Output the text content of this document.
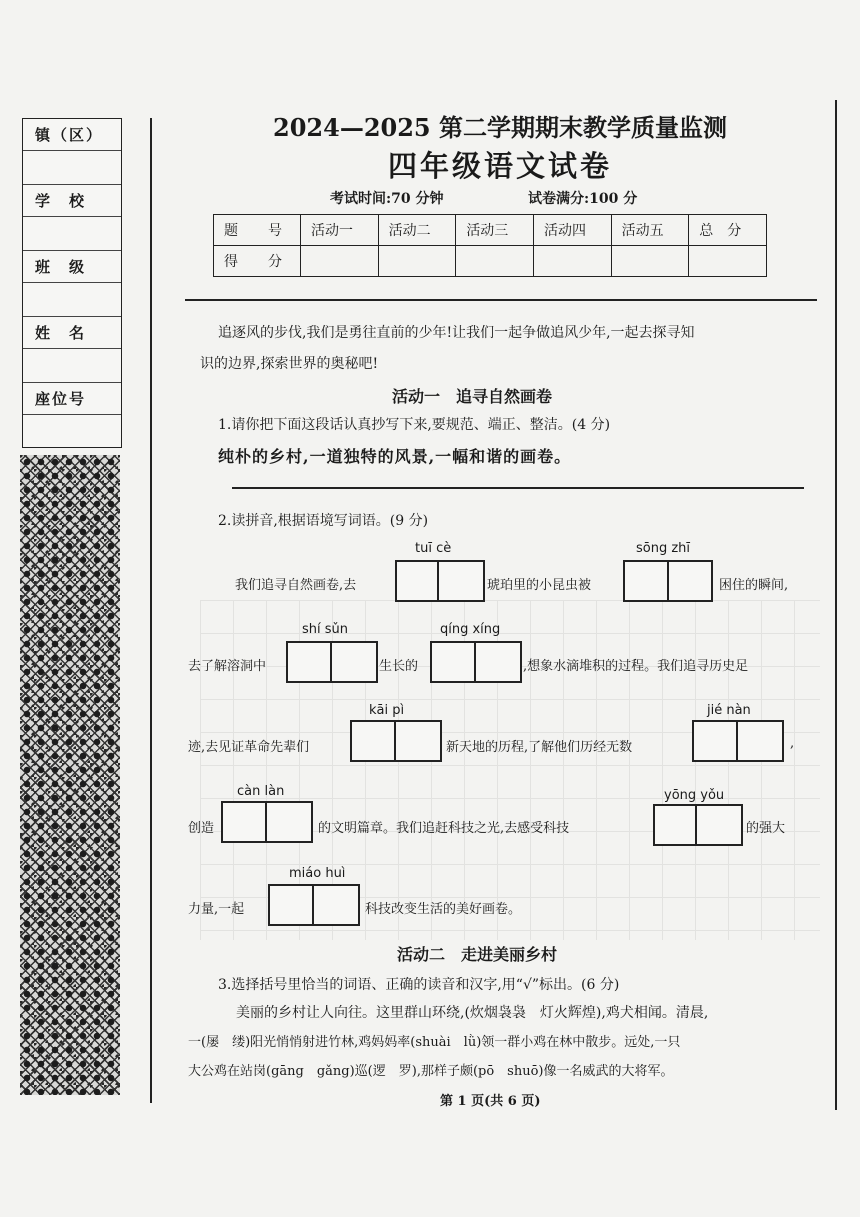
镇（区）
学　校
班　级
姓　名
座位号
2024—2025 第二学期期末教学质量监测
四年级语文试卷
考试时间:70 分钟	试卷满分:100 分
题　号	活动一	活动二	活动三	活动四	活动五	总　分
得　分						
追逐风的步伐,我们是勇往直前的少年!让我们一起争做追风少年,一起去探寻知
识的边界,探索世界的奥秘吧!
活动一　追寻自然画卷
1.请你把下面这段话认真抄写下来,要规范、端正、整洁。(4 分)
纯朴的乡村,一道独特的风景,一幅和谐的画卷。
2.读拼音,根据语境写词语。(9 分)
tuī cè	sōng zhī
我们追寻自然画卷,去	琥珀里的小昆虫被	困住的瞬间,
shí sǔn	qíng xíng
去了解溶洞中	生长的	,想象水滴堆积的过程。我们追寻历史足
kāi pì	jié nàn
迹,去见证革命先辈们	新天地的历程,了解他们历经无数	,
càn làn	yōng yǒu
创造	的文明篇章。我们追赶科技之光,去感受科技	的强大
miáo huì
力量,一起	科技改变生活的美好画卷。
活动二　走进美丽乡村
3.选择括号里恰当的词语、正确的读音和汉字,用“√”标出。(6 分)
美丽的乡村让人向往。这里群山环绕,(炊烟袅袅　灯火辉煌),鸡犬相闻。清晨,
一(屡　缕)阳光悄悄射进竹林,鸡妈妈率(shuài　lǜ)领一群小鸡在林中散步。远处,一只
大公鸡在站岗(gāng　gǎng)巡(逻　罗),那样子颇(pō　shuō)像一名威武的大将军。
第 1 页(共 6 页)
